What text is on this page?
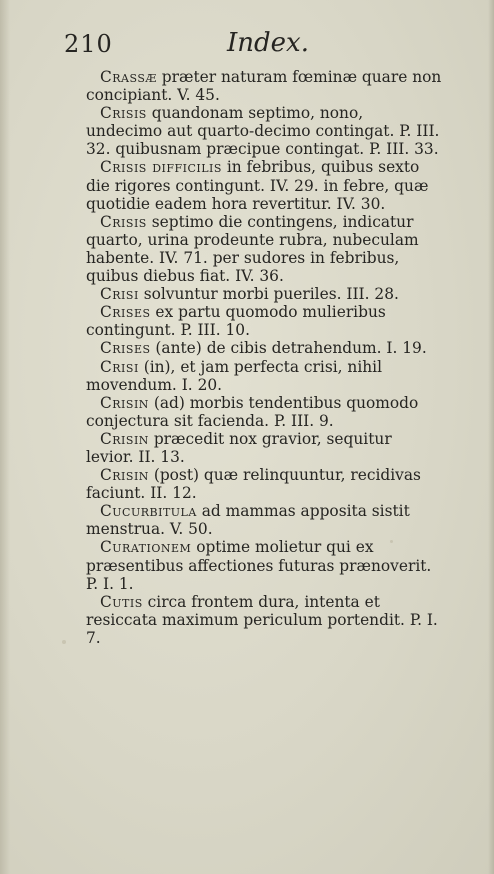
210	Index.

Crassæ præter naturam fœminæ quare non concipiant. V. 45.

Crisis quandonam septimo, nono, undecimo aut quarto-decimo contingat. P. III. 32. quibusnam præcipue contingat. P. III. 33.

Crisis difficilis in febribus, quibus sexto die rigores contingunt. IV. 29. in febre, quæ quotidie eadem hora revertitur. IV. 30.

Crisis septimo die contingens, indicatur quarto, urina prodeunte rubra, nubeculam habente. IV. 71. per sudores in febribus, quibus diebus fiat. IV. 36.

Crisi solvuntur morbi pueriles. III. 28.

Crises ex partu quomodo mulieribus contingunt. P. III. 10.

Crises (ante) de cibis detrahendum. I. 19.

Crisi (in), et jam perfecta crisi, nihil movendum. I. 20.

Crisin (ad) morbis tendentibus quomodo conjectura sit facienda. P. III. 9.

Crisin præcedit nox gravior, sequitur levior. II. 13.

Crisin (post) quæ relinquuntur, recidivas faciunt. II. 12.

Cucurbitula ad mammas apposita sistit menstrua. V. 50.

Curationem optime molietur qui ex præsentibus affectiones futuras prænoverit. P. I. 1.

Cutis circa frontem dura, intenta et resiccata maximum periculum portendit. P. I. 7.
